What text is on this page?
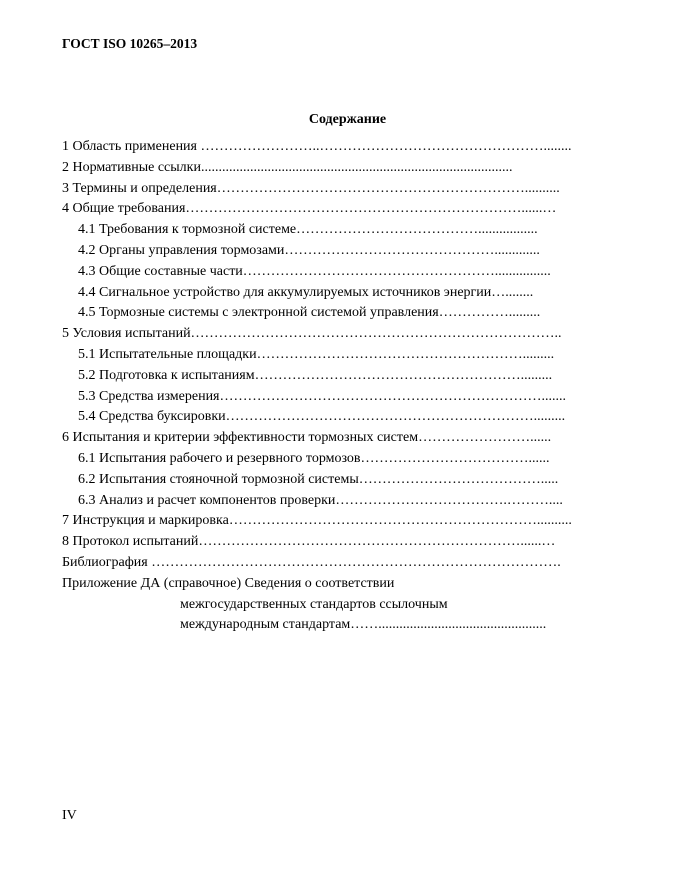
ГОСТ ISO 10265–2013
Содержание
1 Область применения ……………………..…………………………………………........
2 Нормативные ссылки.........................................................................................
3 Термины и определения…………………………………………………………..........
4 Общие требования………………………………………………………………......…
4.1 Требования к тормозной системе………………………………….................
4.2 Органы управления тормозами……………………………………….............
4.3 Общие составные части………………………………………………................
4.4 Сигнальное устройство для аккумулируемых источников энергии…........
4.5 Тормозные системы с электронной системой управления…………….........
5 Условия испытаний……………………………………………………………………..
5.1 Испытательные площадки………………………………………………….........
5.2 Подготовка к испытаниям………………………………………………….........
5.3 Средства измерения…………………………………………………………….......
5.4 Средства буксировки………………………………………………………….........
6 Испытания и критерии эффективности тормозных систем……………………......
6.1 Испытания рабочего и резервного тормозов………………………………......
6.2 Испытания стояночной тормозной системы………………………………….....
6.3 Анализ и расчет компонентов проверки……………………………….………....
7 Инструкция и маркировка…………………………………………………………..........
8 Протокол испытаний……………………………………………………………......…
Библиография …………………………………………………………………………….
Приложение ДА (справочное) Сведения о соответствии
межгосударственных стандартов ссылочным
международным стандартам……................................................
IV
